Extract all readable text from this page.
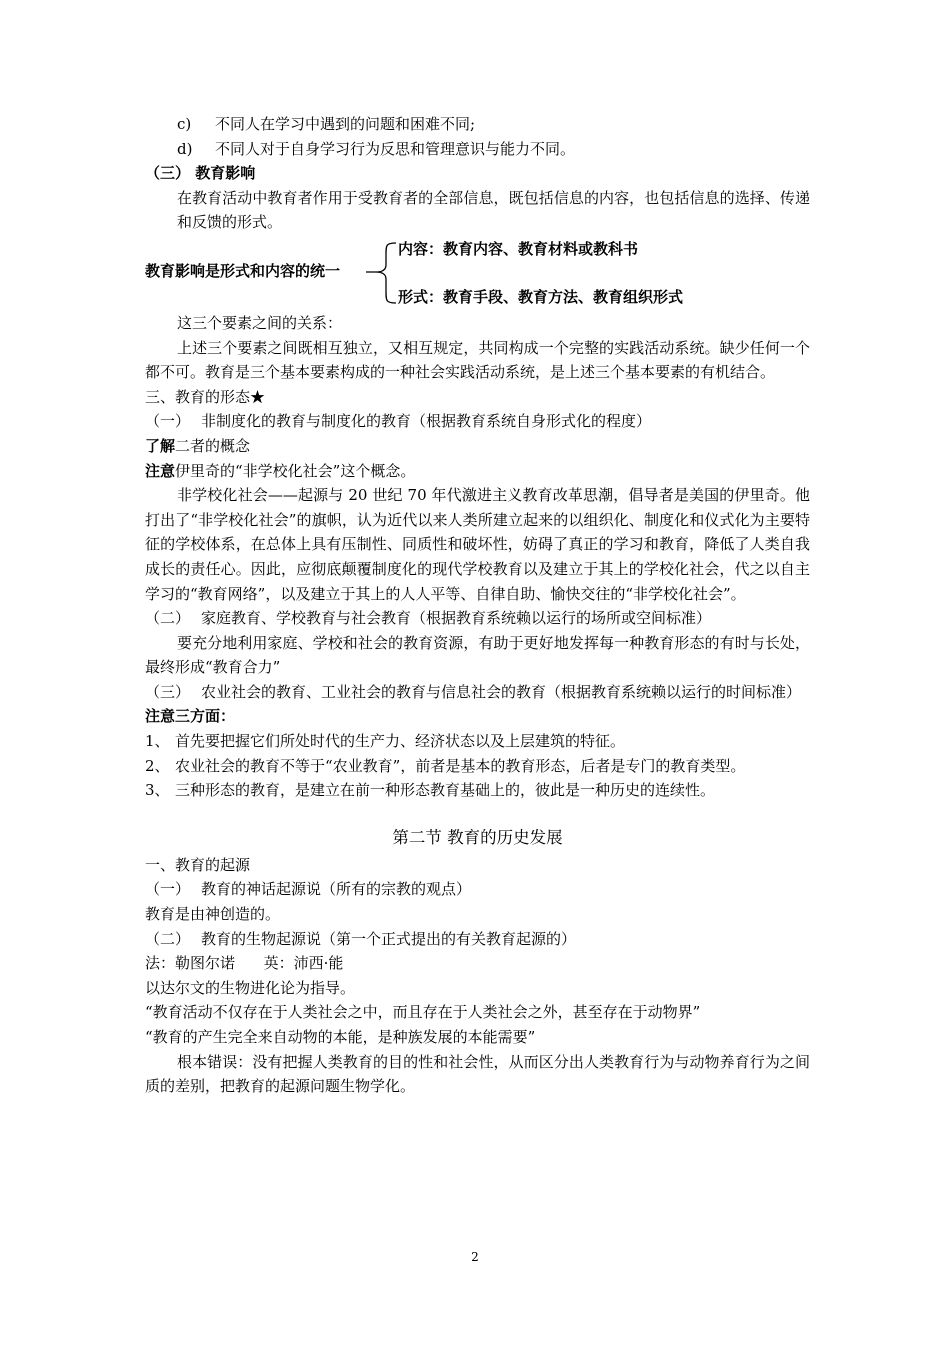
c)	不同人在学习中遇到的问题和困难不同;
d)	不同人对于自身学习行为反思和管理意识与能力不同。
（三） 教育影响
在教育活动中教育者作用于受教育者的全部信息，既包括信息的内容，也包括信息的选择、传递和反馈的形式。
教育影响是形式和内容的统一
内容：教育内容、教育材料或教科书
形式：教育手段、教育方法、教育组织形式
这三个要素之间的关系：
上述三个要素之间既相互独立，又相互规定，共同构成一个完整的实践活动系统。缺少任何一个都不可。教育是三个基本要素构成的一种社会实践活动系统，是上述三个基本要素的有机结合。
三、教育的形态★
（一） 非制度化的教育与制度化的教育（根据教育系统自身形式化的程度）
了解二者的概念
注意伊里奇的“非学校化社会”这个概念。
非学校化社会——起源与 20 世纪 70 年代激进主义教育改革思潮，倡导者是美国的伊里奇。他打出了“非学校化社会”的旗帜，认为近代以来人类所建立起来的以组织化、制度化和仪式化为主要特征的学校体系，在总体上具有压制性、同质性和破坏性，妨碍了真正的学习和教育，降低了人类自我成长的责任心。因此，应彻底颠覆制度化的现代学校教育以及建立于其上的学校化社会，代之以自主学习的“教育网络”，以及建立于其上的人人平等、自律自助、愉快交往的“非学校化社会”。
（二） 家庭教育、学校教育与社会教育（根据教育系统赖以运行的场所或空间标准）
要充分地利用家庭、学校和社会的教育资源，有助于更好地发挥每一种教育形态的有时与长处，最终形成“教育合力”
（三） 农业社会的教育、工业社会的教育与信息社会的教育（根据教育系统赖以运行的时间标准）
注意三方面：
1、 首先要把握它们所处时代的生产力、经济状态以及上层建筑的特征。
2、 农业社会的教育不等于“农业教育”，前者是基本的教育形态，后者是专门的教育类型。
3、 三种形态的教育，是建立在前一种形态教育基础上的，彼此是一种历史的连续性。
第二节 教育的历史发展
一、教育的起源
（一） 教育的神话起源说（所有的宗教的观点）
教育是由神创造的。
（二） 教育的生物起源说（第一个正式提出的有关教育起源的）
法：勒图尔诺      英：沛西·能
以达尔文的生物进化论为指导。
“教育活动不仅存在于人类社会之中，而且存在于人类社会之外，甚至存在于动物界”
“教育的产生完全来自动物的本能，是种族发展的本能需要”
根本错误：没有把握人类教育的目的性和社会性，从而区分出人类教育行为与动物养育行为之间质的差别，把教育的起源问题生物学化。
2
